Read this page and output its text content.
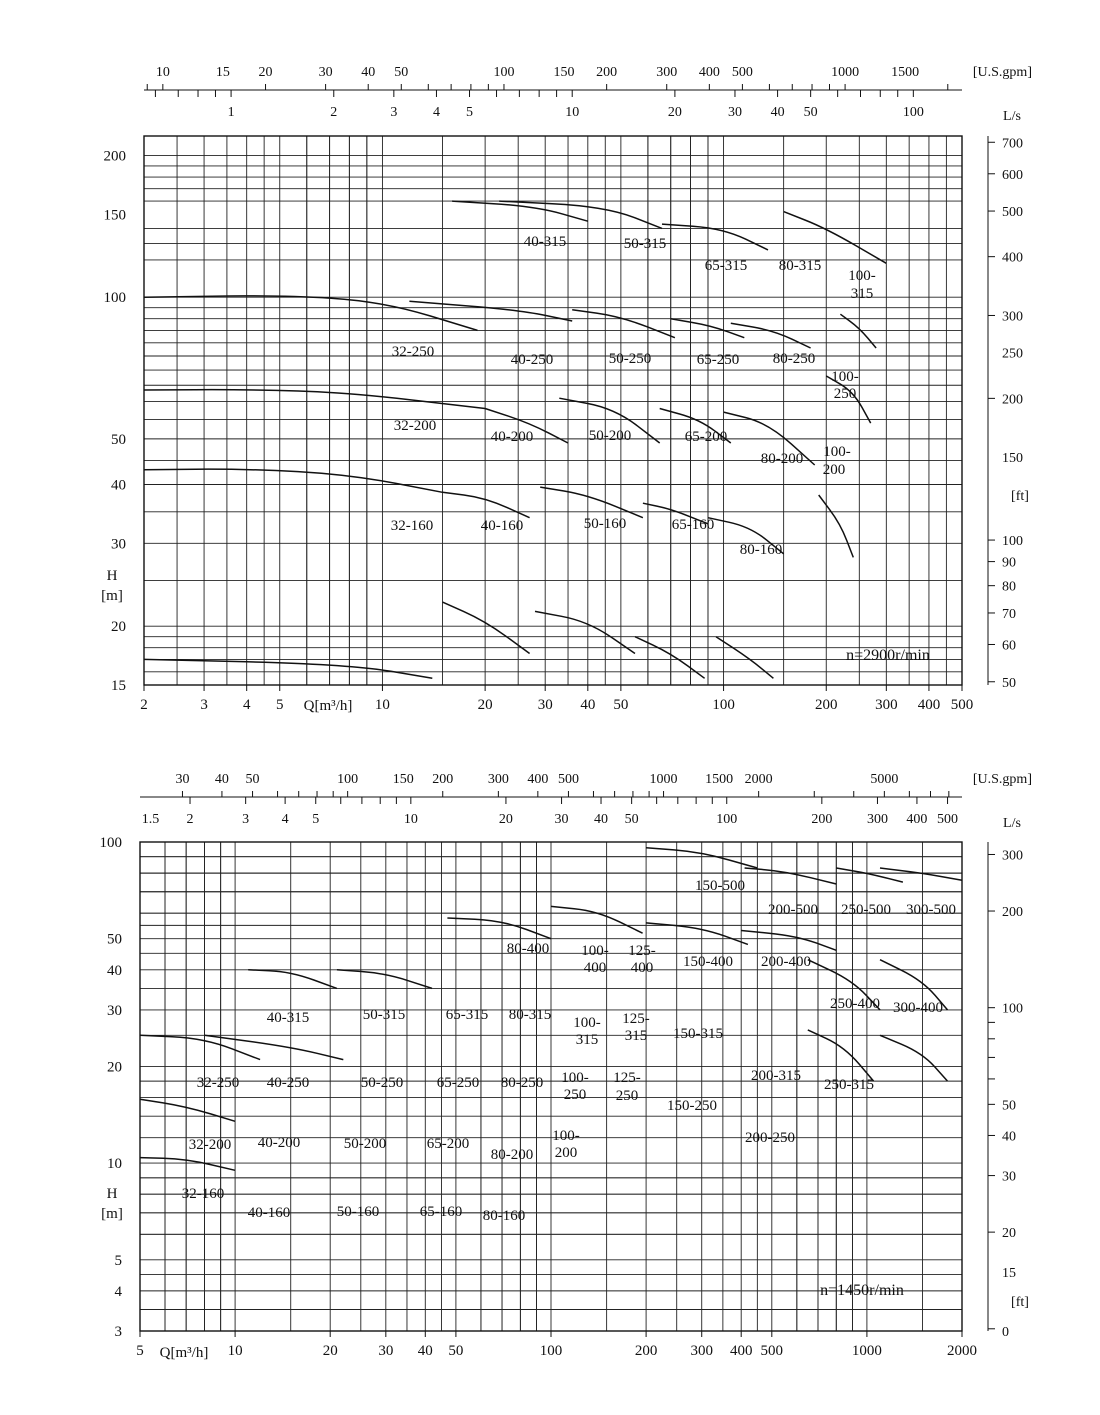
2	3 4 5	10	20	30 40 50	100	200	300 400 500
Q[m³/h]
15
20
30
40
50
100
150
200
H
[m]
10	15 20	30 40 50	100	150 200	300 400 500	1000 1500	[U.S.gpm]
1	2	3	4 5	10	20	30 40 50	100	L/s
50
60
70
80
90
100
150
200
250
300
400
500
600
700
[ft]
40-315	50-315
65-315 80-315
100-
315
32-250	40-250	50-250	65-250 80-250
100-
250
32-200
40-200	50-200	65-200
80-200 100-
200
32-160	40-160	50-160	65-160
80-160
n=2900r/min
5	10	20	30 40 50	100	200 300 400 500	1000	2000
Q[m³/h]
3
4
5
10
20
30
40
50
100
H
[m]
30 40 50	100 150 200 300 400 500	1000 1500 2000	5000	[U.S.gpm]
1.5 2	3 4 5	10	20	30 40 50	100	200 300 400 500	L/s
0
15
20
30
40
50
100
200
300
[ft]
150-500
200-500 250-500 300-500
80-400 100-
400
125-
400 150-400 200-400
40-315	50-315	65-315 80-315 100-
315
125-
315 150-315
250-400 300-400
32-250 40-250	50-250 65-250 80-250 100-
250
125-
250
150-250
200-315
250-315
32-200 40-200	50-200	65-200
80-200
100-
200
200-250
32-160
40-160	50-160	65-160 80-160
n=1450r/min
